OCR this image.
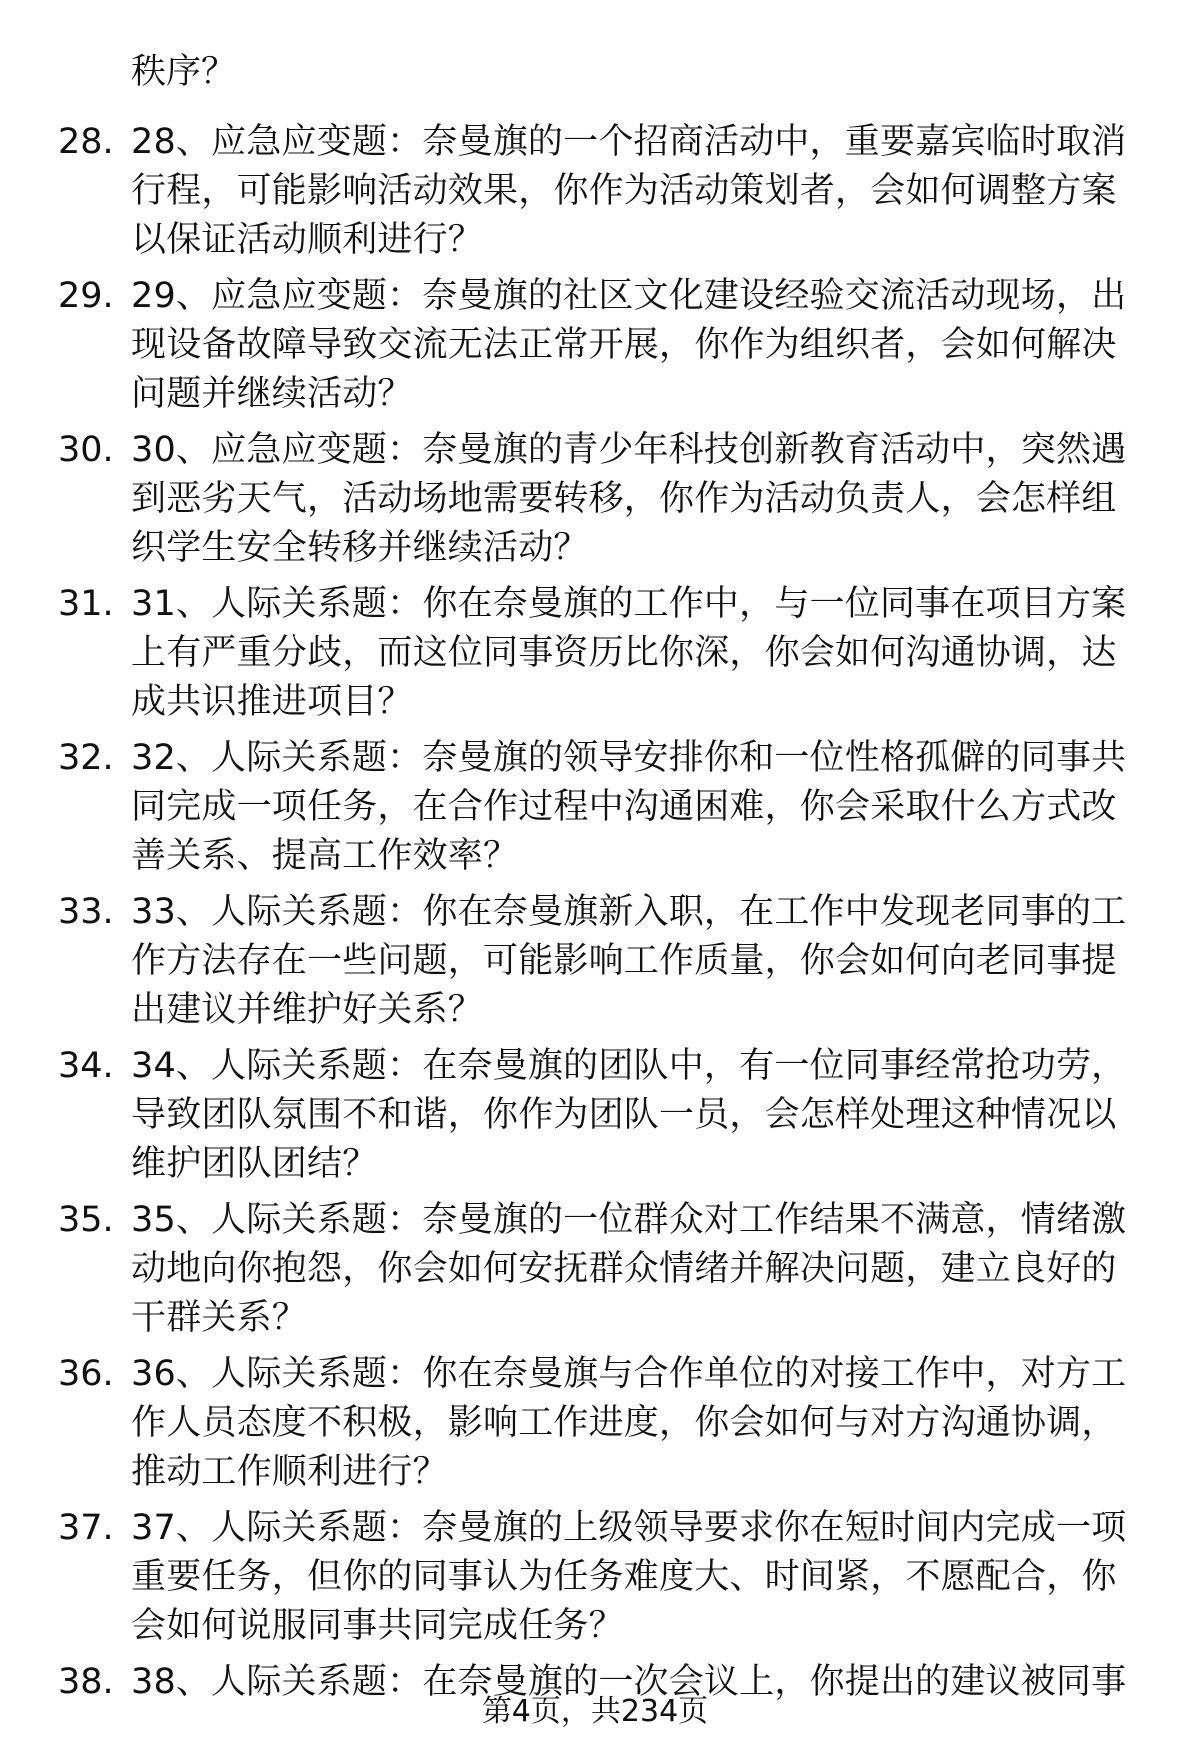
秩序？
28. 28、应急应变题：奈曼旗的一个招商活动中，重要嘉宾临时取消行程，可能影响活动效果，你作为活动策划者，会如何调整方案以保证活动顺利进行？
29. 29、应急应变题：奈曼旗的社区文化建设经验交流活动现场，出现设备故障导致交流无法正常开展，你作为组织者，会如何解决问题并继续活动？
30. 30、应急应变题：奈曼旗的青少年科技创新教育活动中，突然遇到恶劣天气，活动场地需要转移，你作为活动负责人，会怎样组织学生安全转移并继续活动？
31. 31、人际关系题：你在奈曼旗的工作中，与一位同事在项目方案上有严重分歧，而这位同事资历比你深，你会如何沟通协调，达成共识推进项目？
32. 32、人际关系题：奈曼旗的领导安排你和一位性格孤僻的同事共同完成一项任务，在合作过程中沟通困难，你会采取什么方式改善关系、提高工作效率？
33. 33、人际关系题：你在奈曼旗新入职，在工作中发现老同事的工作方法存在一些问题，可能影响工作质量，你会如何向老同事提出建议并维护好关系？
34. 34、人际关系题：在奈曼旗的团队中，有一位同事经常抢功劳，导致团队氛围不和谐，你作为团队一员，会怎样处理这种情况以维护团队团结？
35. 35、人际关系题：奈曼旗的一位群众对工作结果不满意，情绪激动地向你抱怨，你会如何安抚群众情绪并解决问题，建立良好的干群关系？
36. 36、人际关系题：你在奈曼旗与合作单位的对接工作中，对方工作人员态度不积极，影响工作进度，你会如何与对方沟通协调，推动工作顺利进行？
37. 37、人际关系题：奈曼旗的上级领导要求你在短时间内完成一项重要任务，但你的同事认为任务难度大、时间紧，不愿配合，你会如何说服同事共同完成任务？
38. 38、人际关系题：在奈曼旗的一次会议上，你提出的建议被同事
第4页，共234页
